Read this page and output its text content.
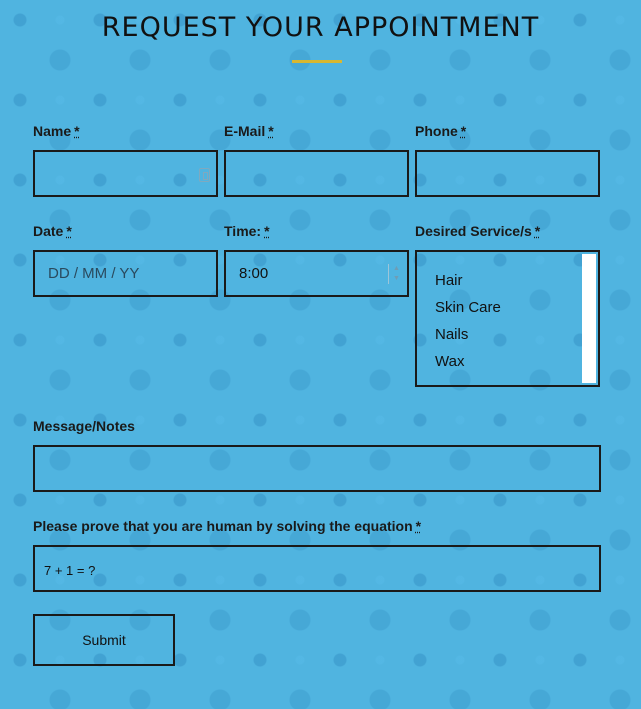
REQUEST YOUR APPOINTMENT
Name *	E-Mail *	Phone *
Date *
DD / MM / YY
Time: *
8:00	▲
▼
Desired Service/s *
Hair
Skin Care
Nails
Wax
Message/Notes
Please prove that you are human by solving the equation *
7 + 1 = ?
Submit
